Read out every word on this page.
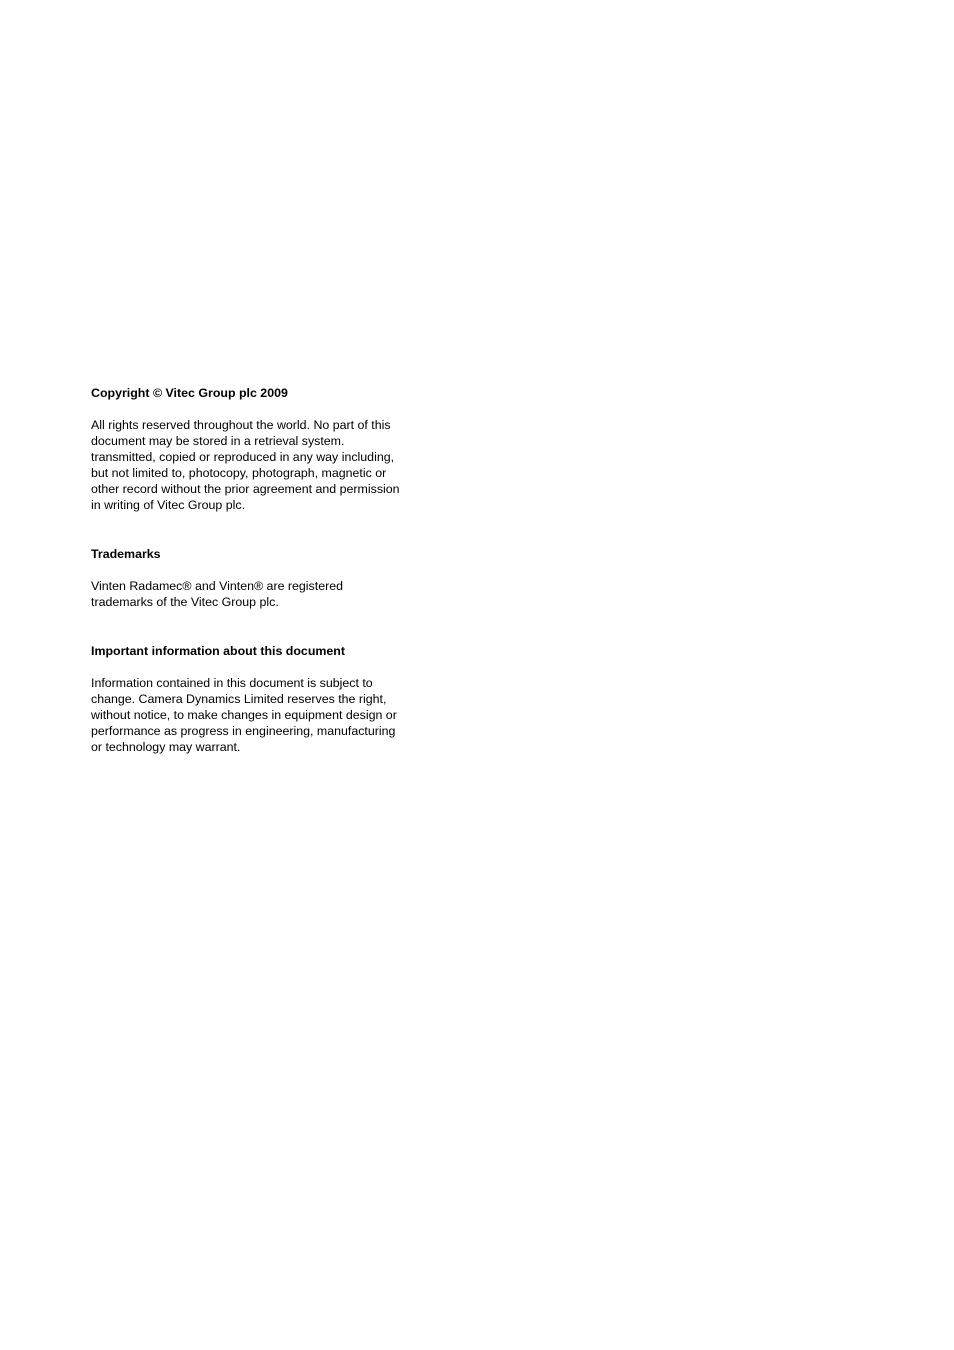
Copyright © Vitec Group plc 2009

All rights reserved throughout the world. No part of this
document may be stored in a retrieval system.
transmitted, copied or reproduced in any way including,
but not limited to, photocopy, photograph, magnetic or
other record without the prior agreement and permission
in writing of Vitec Group plc.

Trademarks

Vinten Radamec® and Vinten® are registered
trademarks of the Vitec Group plc.

Important information about this document

Information contained in this document is subject to
change. Camera Dynamics Limited reserves the right,
without notice, to make changes in equipment design or
performance as progress in engineering, manufacturing
or technology may warrant.
